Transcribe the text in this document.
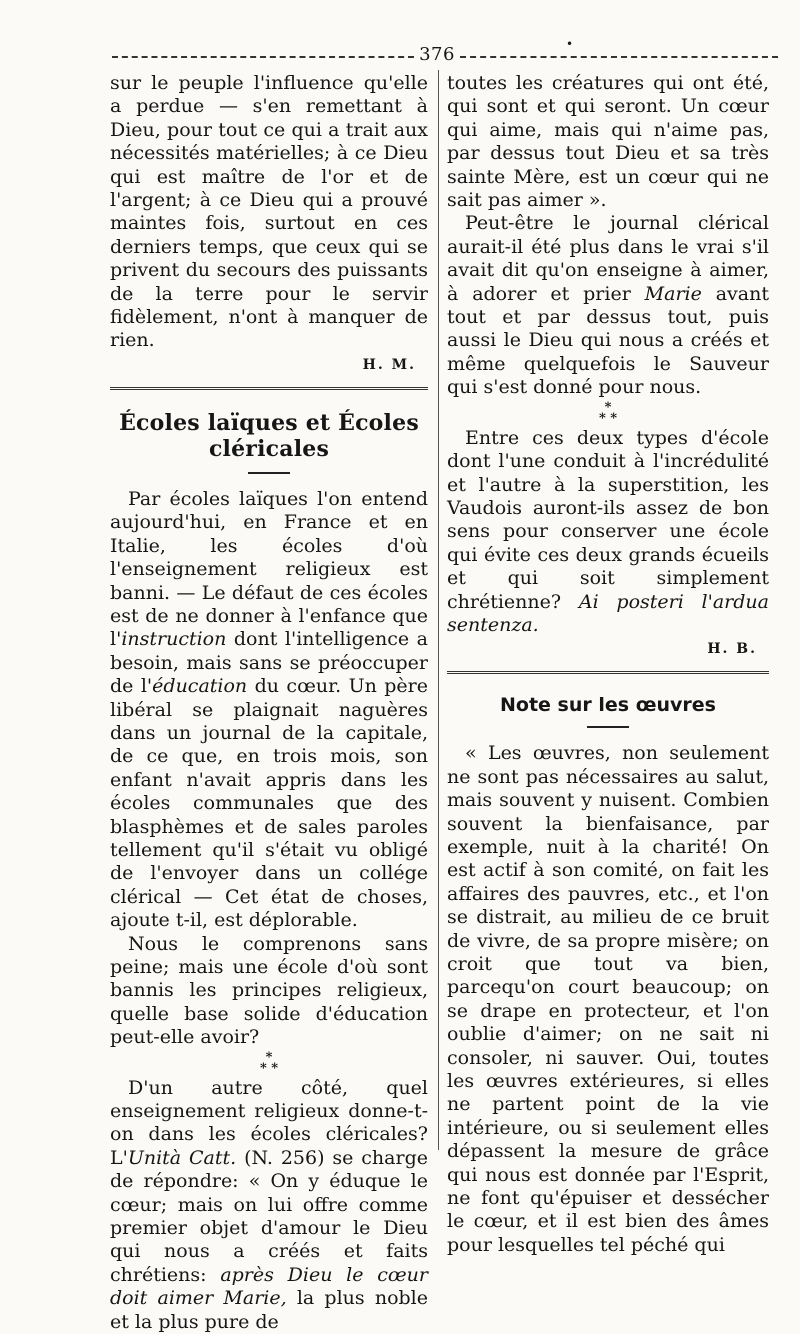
376	•

sur le peuple l'influence qu'elle a perdue — s'en remettant à Dieu, pour tout ce qui a trait aux nécessités matérielles; à ce Dieu qui est maître de l'or et de l'argent; à ce Dieu qui a prouvé maintes fois, surtout en ces derniers temps, que ceux qui se privent du secours des puissants de la terre pour le servir fidèlement, n'ont à manquer de rien.

H. M.

Écoles laïques et Écoles cléricales

Par écoles laïques l'on entend aujourd'hui, en France et en Italie, les écoles d'où l'enseignement religieux est banni. — Le défaut de ces écoles est de ne donner à l'enfance que l'instruction dont l'intelligence a besoin, mais sans se préoccuper de l'éducation du cœur. Un père libéral se plaignait naguères dans un journal de la capitale, de ce que, en trois mois, son enfant n'avait appris dans les écoles communales que des blasphèmes et de sales paroles tellement qu'il s'était vu obligé de l'envoyer dans un collége clérical — Cet état de choses, ajoute t-il, est déplorable.

Nous le comprenons sans peine; mais une école d'où sont bannis les principes religieux, quelle base solide d'éducation peut-elle avoir?

*
* *

D'un autre côté, quel enseignement religieux donne-t-on dans les écoles cléricales? L'Unità Catt. (N. 256) se charge de répondre: « On y éduque le cœur; mais on lui offre comme premier objet d'amour le Dieu qui nous a créés et faits chrétiens: après Dieu le cœur doit aimer Marie, la plus noble et la plus pure de

toutes les créatures qui ont été, qui sont et qui seront. Un cœur qui aime, mais qui n'aime pas, par dessus tout Dieu et sa très sainte Mère, est un cœur qui ne sait pas aimer ».

Peut-être le journal clérical aurait-il été plus dans le vrai s'il avait dit qu'on enseigne à aimer, à adorer et prier Marie avant tout et par dessus tout, puis aussi le Dieu qui nous a créés et même quelquefois le Sauveur qui s'est donné pour nous.

*
* *

Entre ces deux types d'école dont l'une conduit à l'incrédulité et l'autre à la superstition, les Vaudois auront-ils assez de bon sens pour conserver une école qui évite ces deux grands écueils et qui soit simplement chrétienne? Ai posteri l'ardua sentenza.

H. B.

Note sur les œuvres

« Les œuvres, non seulement ne sont pas nécessaires au salut, mais souvent y nuisent. Combien souvent la bienfaisance, par exemple, nuit à la charité! On est actif à son comité, on fait les affaires des pauvres, etc., et l'on se distrait, au milieu de ce bruit de vivre, de sa propre misère; on croit que tout va bien, parcequ'on court beaucoup; on se drape en protecteur, et l'on oublie d'aimer; on ne sait ni consoler, ni sauver. Oui, toutes les œuvres extérieures, si elles ne partent point de la vie intérieure, ou si seulement elles dépassent la mesure de grâce qui nous est donnée par l'Esprit, ne font qu'épuiser et dessécher le cœur, et il est bien des âmes pour lesquelles tel péché qui
